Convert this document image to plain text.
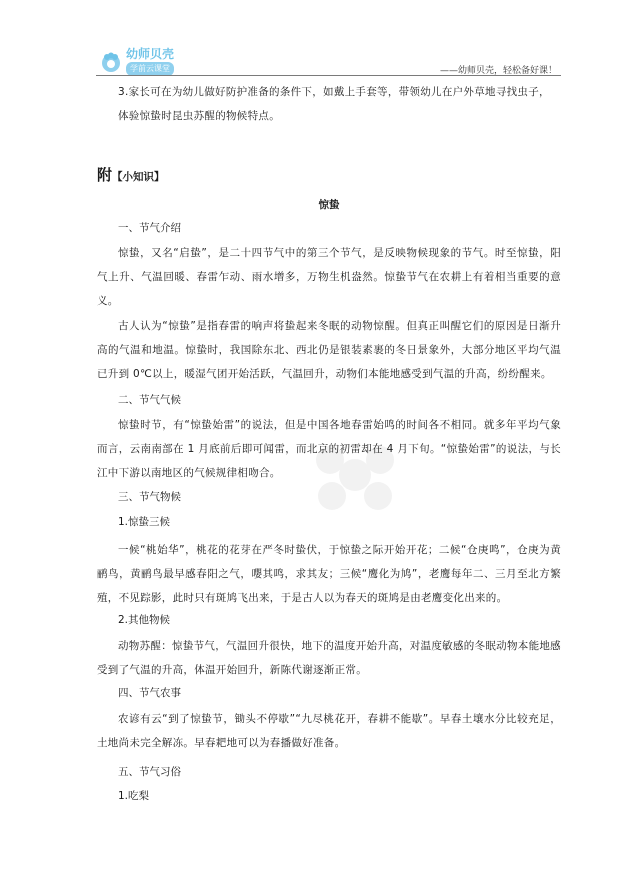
幼师贝壳
学前云课堂	——幼师贝壳，轻松备好课！
3.家长可在为幼儿做好防护准备的条件下，如戴上手套等，带领幼儿在户外草地寻找虫子，
体验惊蛰时昆虫苏醒的物候特点。
附【小知识】
惊蛰
一、节气介绍
惊蛰，又名“启蛰”，是二十四节气中的第三个节气，是反映物候现象的节气。时至惊蛰，阳气上升、气温回暖、春雷乍动、雨水增多，万物生机盎然。惊蛰节气在农耕上有着相当重要的意义。
古人认为“惊蛰”是指春雷的响声将蛰起来冬眠的动物惊醒。但真正叫醒它们的原因是日渐升高的气温和地温。惊蛰时，我国除东北、西北仍是银装素裹的冬日景象外，大部分地区平均气温已升到 0℃以上，暖湿气团开始活跃，气温回升，动物们本能地感受到气温的升高，纷纷醒来。
二、节气气候
惊蛰时节，有“惊蛰始雷”的说法，但是中国各地春雷始鸣的时间各不相同。就多年平均气象而言，云南南部在 1 月底前后即可闻雷，而北京的初雷却在 4 月下旬。“惊蛰始雷”的说法，与长江中下游以南地区的气候规律相吻合。
三、节气物候
1.惊蛰三候
一候“桃始华”，桃花的花芽在严冬时蛰伏，于惊蛰之际开始开花；二候“仓庚鸣”，仓庚为黄鹂鸟，黄鹂鸟最早感春阳之气，嚶其鸣，求其友；三候“鹰化为鸠”，老鹰每年二、三月至北方繁殖，不见踪影，此时只有斑鸠飞出来，于是古人以为春天的斑鸠是由老鹰变化出来的。
2.其他物候
动物苏醒：惊蛰节气，气温回升很快，地下的温度开始升高，对温度敏感的冬眠动物本能地感受到了气温的升高，体温开始回升，新陈代谢逐渐正常。
四、节气农事
农谚有云“到了惊蛰节，锄头不停歇”“九尽桃花开，春耕不能歇”。早春土壤水分比较充足，土地尚未完全解冻。早春耙地可以为春播做好准备。
五、节气习俗
1.吃梨
